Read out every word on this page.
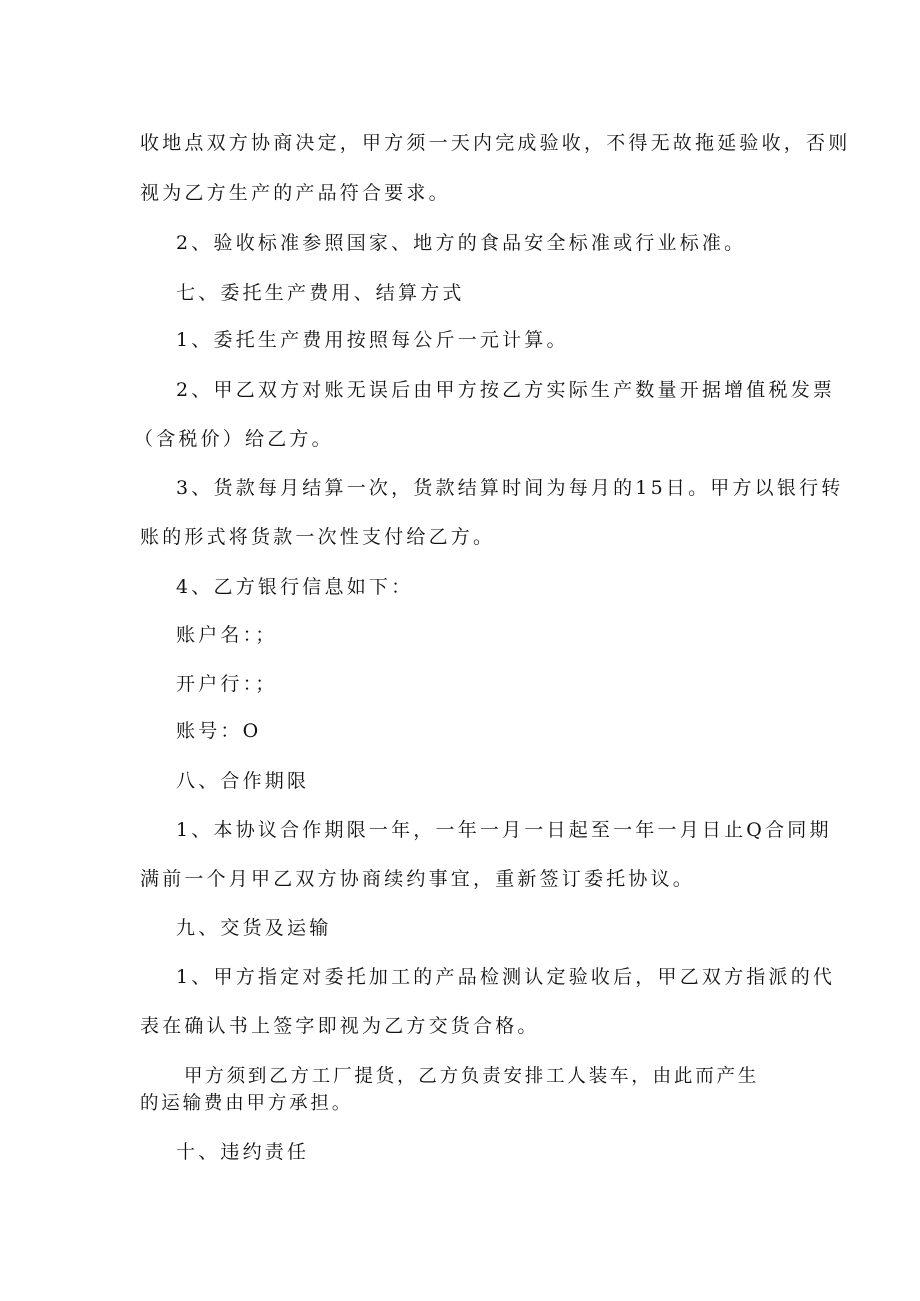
收地点双方协商决定，甲方须一天内完成验收，不得无故拖延验收，否则
视为乙方生产的产品符合要求。
2、验收标准参照国家、地方的食品安全标准或行业标准。
七、委托生产费用、结算方式
1、委托生产费用按照每公斤一元计算。
2、甲乙双方对账无误后由甲方按乙方实际生产数量开据增值税发票
（含税价）给乙方。
3、货款每月结算一次，货款结算时间为每月的15日。甲方以银行转
账的形式将货款一次性支付给乙方。
4、乙方银行信息如下：
账户名：；
开户行：；
账号：O
八、合作期限
1、本协议合作期限一年，一年一月一日起至一年一月日止Q合同期
满前一个月甲乙双方协商续约事宜，重新签订委托协议。
九、交货及运输
1、甲方指定对委托加工的产品检测认定验收后，甲乙双方指派的代
表在确认书上签字即视为乙方交货合格。
甲方须到乙方工厂提货，乙方负责安排工人装车，由此而产生
的运输费由甲方承担。
十、违约责任
